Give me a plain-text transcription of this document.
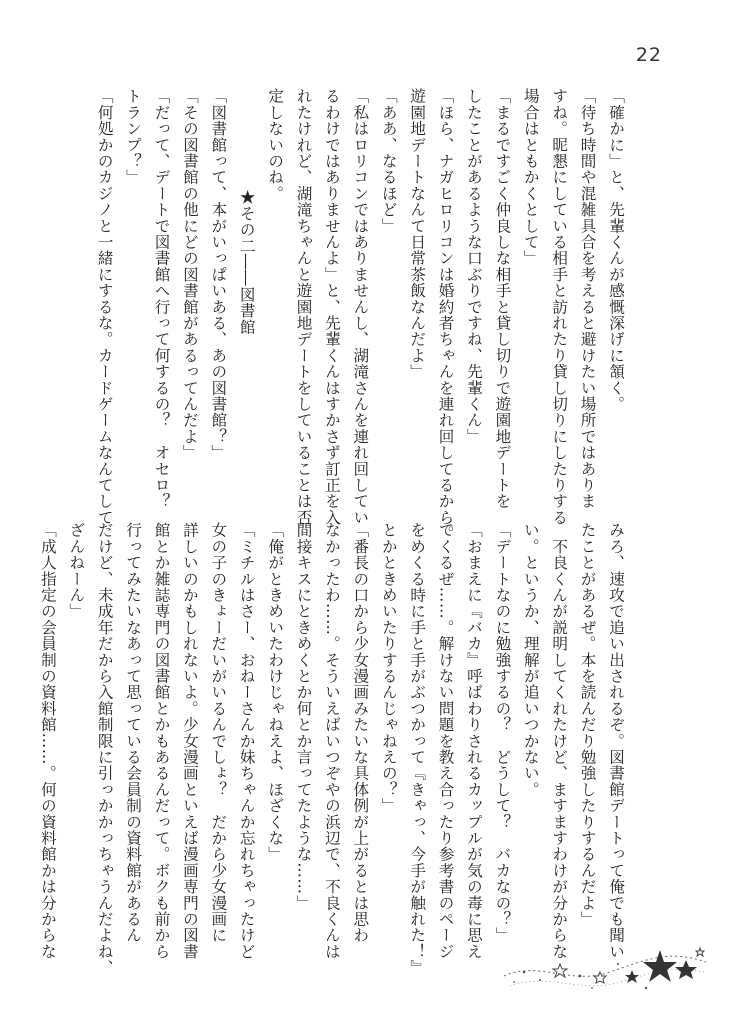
22

「確かに」と、先輩くんが感慨深げに頷く。

「待ち時間や混雑具合を考えると避けたい場所ではありま

すね。昵懇にしている相手と訪れたり貸し切りにしたりする

場合はともかくとして」

「まるですごく仲良しな相手と貸し切りで遊園地デートを

したことがあるような口ぶりですね、先輩くん」

「ほら、ナガヒロリコンは婚約者ちゃんを連れ回してるから。

遊園地デートなんて日常茶飯なんだよ」

「ああ、なるほど」

「私はロリコンではありませんし、湖滝さんを連れ回してい

るわけではありませんよ」と、先輩くんはすかさず訂正を入

れたけれど、湖滝ちゃんと遊園地デートをしていることは否

定しないのね。

★その二――図書館

「図書館って、本がいっぱいある、あの図書館？」

「その図書館の他にどの図書館があるってんだよ」

「だって、デートで図書館へ行って何するの？　オセロ？

トランプ？」

「何処かのカジノと一緒にするな。カードゲームなんてして

みろ、速攻で追い出されるぞ。図書館デートって俺でも聞い

たことがあるぜ。本を読んだり勉強したりするんだよ」

　不良くんが説明してくれたけど、ますますわけが分からな

い。というか、理解が追いつかない。

「デートなのに勉強するの？　どうして？　バカなの？」

「おまえに『バカ』呼ばわりされるカップルが気の毒に思え

てくるぜ……。解けない問題を教え合ったり参考書のページ

をめくる時に手と手がぶつかって『きゃっ、今手が触れた！』

とかときめいたりするんじゃねえの？」

「番長の口から少女漫画みたいな具体例が上がるとは思わ

なかったわ……。そういえばいつぞやの浜辺で、不良くんは

間接キスにときめくとか何とか言ってたような……」

「俺がときめいたわけじゃねえよ、ほざくな」

「ミチルはさー、おねーさんか妹ちゃんか忘れちゃったけど

女の子のきょーだいがいるんでしょ？　だから少女漫画に

詳しいのかもしれないよ。少女漫画といえば漫画専門の図書

館とか雑誌専門の図書館とかもあるんだって。ボクも前から

行ってみたいなあって思っている会員制の資料館があるん

だけど、未成年だから入館制限に引っかかっちゃうんだよね、

ざんねーん」

「成人指定の会員制の資料館……。何の資料館かは分からな
